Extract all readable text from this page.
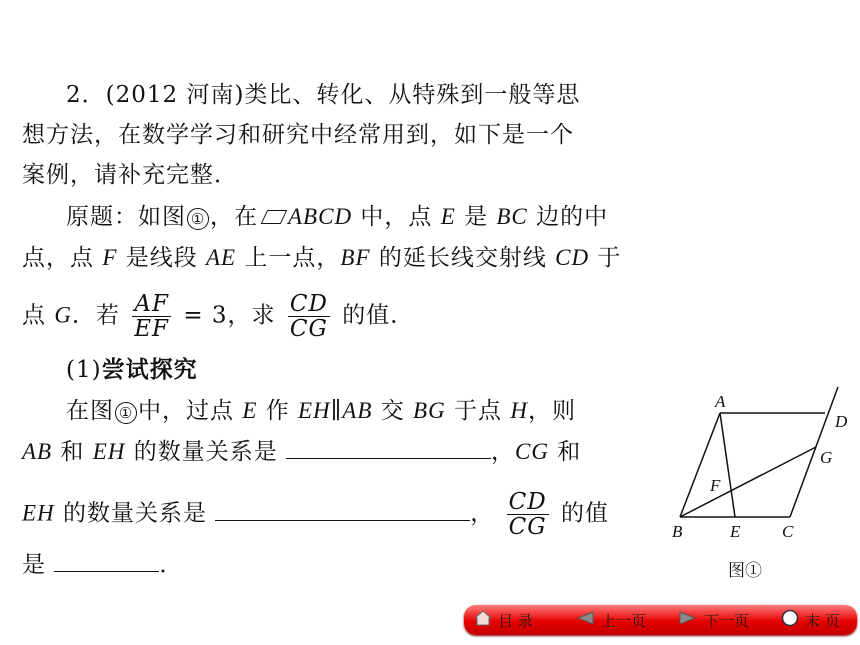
2．(2012 河南)类比、转化、从特殊到一般等思
想方法，在数学学习和研究中经常用到，如下是一个
案例，请补充完整．
原题：如图 ① ，在 ABCD 中，点 E 是 BC 边的中
点，点 F 是线段 AE 上一点，BF 的延长线交射线 CD 于
点 G．若 $\frac{AF}{EF} = 3$，求 $\frac{CD}{CG}$ 的值．
(1)尝试探究
在图 ① 中，过点 E 作 EH∥AB 交 BG 于点 H，则
AB 和 EH 的数量关系是	，CG 和
EH 的数量关系是	， $\frac{CD}{CG}$ 的值
是	．
A
D
G
F
B	E C
图①
目 录	上一页	下一页	末 页
